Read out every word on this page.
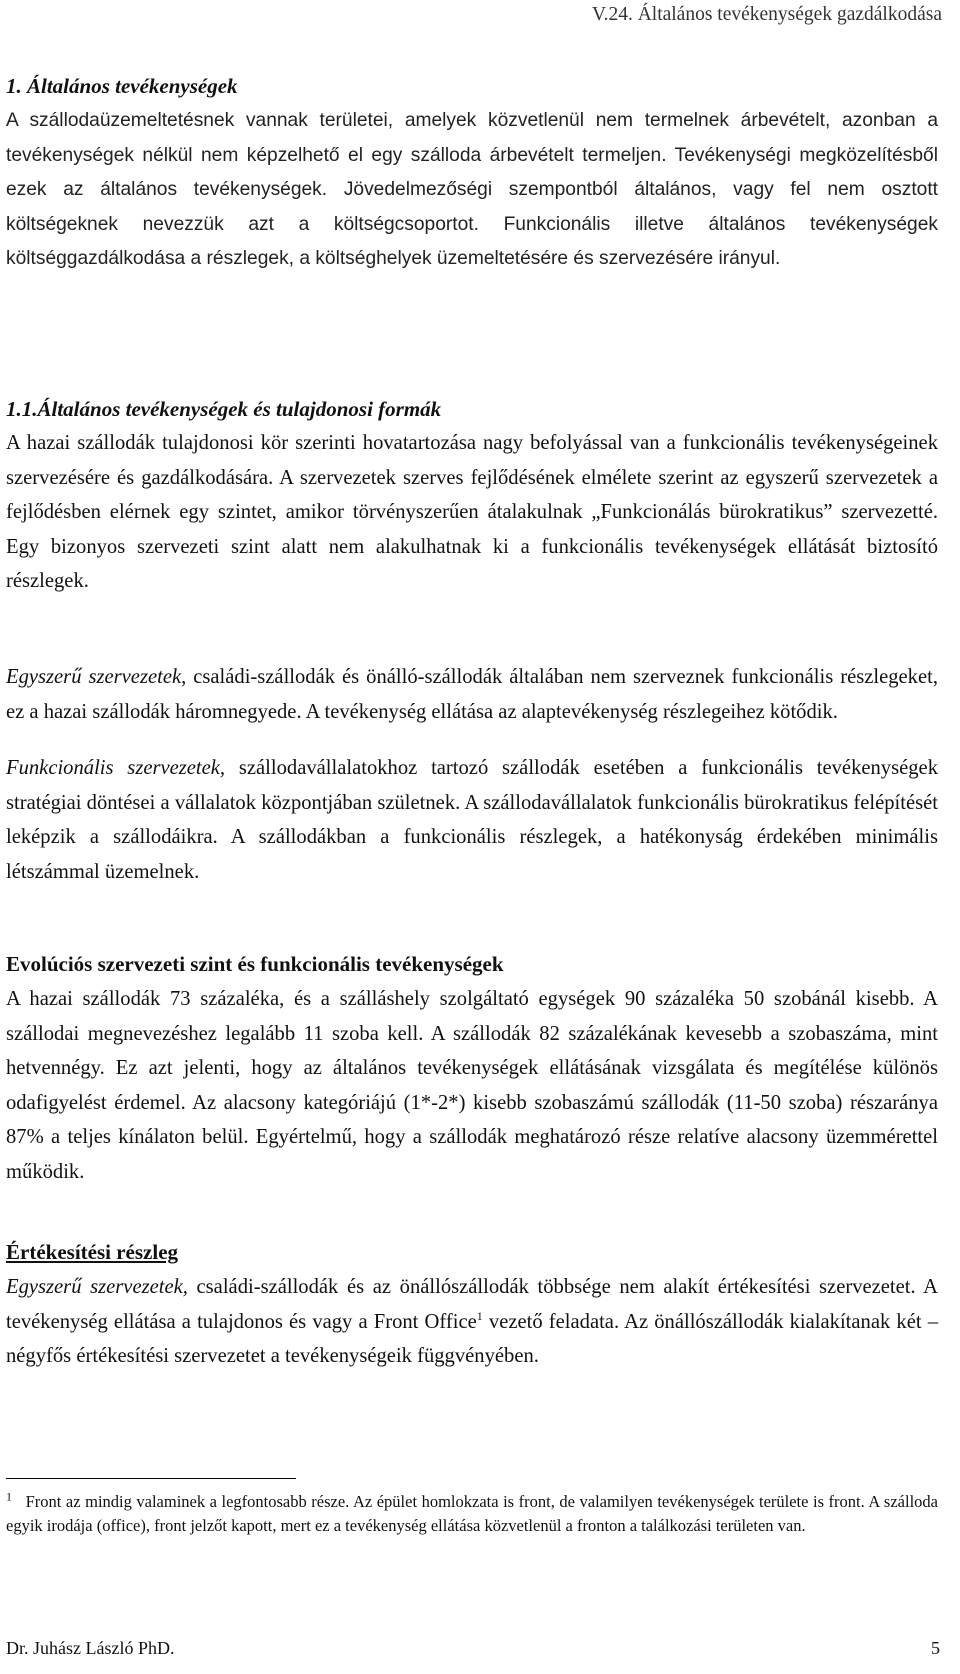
V.24. Általános tevékenységek gazdálkodása
1. Általános tevékenységek
A szállodaüzemeltetésnek vannak területei, amelyek közvetlenül nem termelnek árbevételt, azonban a tevékenységek nélkül nem képzelhető el egy szálloda árbevételt termeljen. Tevékenységi megközelítésből ezek az általános tevékenységek. Jövedelmezőségi szempontból általános, vagy fel nem osztott költségeknek nevezzük azt a költségcsoportot. Funkcionális illetve általános tevékenységek költséggazdálkodása a részlegek, a költséghelyek üzemeltetésére és szervezésére irányul.
1.1.Általános tevékenységek és tulajdonosi formák
A hazai szállodák tulajdonosi kör szerinti hovatartozása nagy befolyással van a funkcionális tevékenységeinek szervezésére és gazdálkodására. A szervezetek szerves fejlődésének elmélete szerint az egyszerű szervezetek a fejlődésben elérnek egy szintet, amikor törvényszerűen átalakulnak „Funkcionálás bürokratikus” szervezetté. Egy bizonyos szervezeti szint alatt nem alakulhatnak ki a funkcionális tevékenységek ellátását biztosító részlegek.
Egyszerű szervezetek, családi-szállodák és önálló-szállodák általában nem szerveznek funkcionális részlegeket, ez a hazai szállodák háromnegyede. A tevékenység ellátása az alaptevékenység részlegeihez kötődik.
Funkcionális szervezetek, szállodavállalatokhoz tartozó szállodák esetében a funkcionális tevékenységek stratégiai döntései a vállalatok központjában születnek. A szállodavállalatok funkcionális bürokratikus felépítését leképzik a szállodáikra. A szállodákban a funkcionális részlegek, a hatékonyság érdekében minimális létszámmal üzemelnek.
Evolúciós szervezeti szint és funkcionális tevékenységek
A hazai szállodák 73 százaléka, és a szálláshely szolgáltató egységek 90 százaléka 50 szobánál kisebb. A szállodai megnevezéshez legalább 11 szoba kell. A szállodák 82 százalékának kevesebb a szobaszáma, mint hetvennégy. Ez azt jelenti, hogy az általános tevékenységek ellátásának vizsgálata és megítélése különös odafigyelést érdemel. Az alacsony kategóriájú (1*-2*) kisebb szobaszámú szállodák (11-50 szoba) részaránya 87% a teljes kínálaton belül. Egyértelmű, hogy a szállodák meghatározó része relatíve alacsony üzemmérettel működik.
Értékesítési részleg
Egyszerű szervezetek, családi-szállodák és az önállószállodák többsége nem alakít értékesítési szervezetet. A tevékenység ellátása a tulajdonos és vagy a Front Office$^1$ vezető feladata. Az önállószállodák kialakítanak két – négyfős értékesítési szervezetet a tevékenységeik függvényében.
$^1$ Front az mindig valaminek a legfontosabb része. Az épület homlokzata is front, de valamilyen tevékenységek területe is front. A szálloda egyik irodája (office), front jelzőt kapott, mert ez a tevékenység ellátása közvetlenül a fronton a találkozási területen van.
Dr. Juhász László PhD.	5
